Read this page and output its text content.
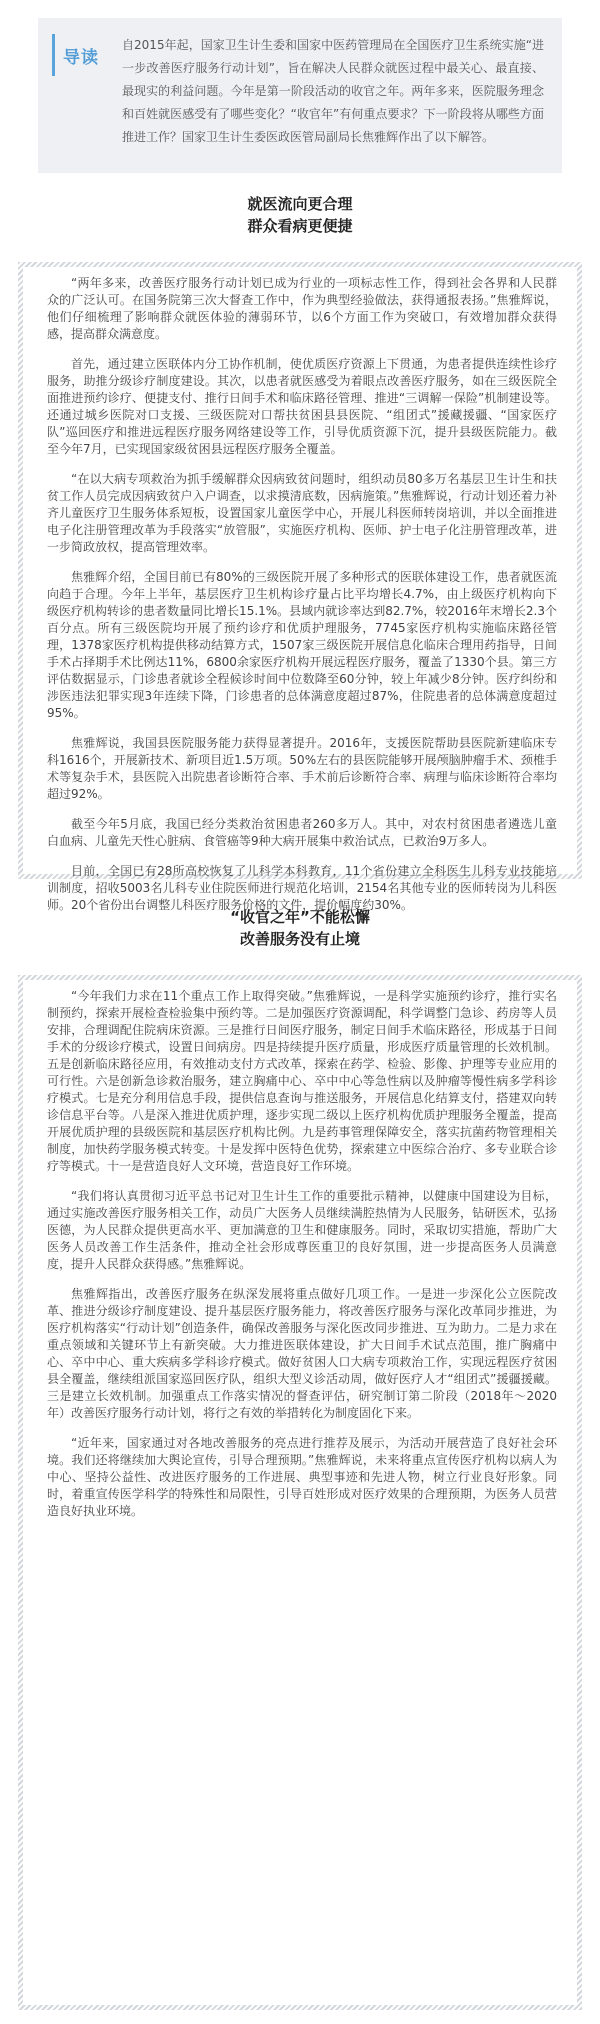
导读

自2015年起，国家卫生计生委和国家中医药管理局在全国医疗卫生系统实施“进一步改善医疗服务行动计划”，旨在解决人民群众就医过程中最关心、最直接、最现实的利益问题。今年是第一阶段活动的收官之年。两年多来，医院服务理念和百姓就医感受有了哪些变化？“收官年”有何重点要求？下一阶段将从哪些方面推进工作？国家卫生计生委医政医管局副局长焦雅辉作出了以下解答。

就医流向更合理
群众看病更便捷

“两年多来，改善医疗服务行动计划已成为行业的一项标志性工作，得到社会各界和人民群众的广泛认可。在国务院第三次大督查工作中，作为典型经验做法，获得通报表扬。”焦雅辉说，他们仔细梳理了影响群众就医体验的薄弱环节，以6个方面工作为突破口，有效增加群众获得感，提高群众满意度。

首先，通过建立医联体内分工协作机制，使优质医疗资源上下贯通，为患者提供连续性诊疗服务，助推分级诊疗制度建设。其次，以患者就医感受为着眼点改善医疗服务，如在三级医院全面推进预约诊疗、便捷支付、推行日间手术和临床路径管理、推进“三调解一保险”机制建设等。还通过城乡医院对口支援、三级医院对口帮扶贫困县县医院、“组团式”援藏援疆、“国家医疗队”巡回医疗和推进远程医疗服务网络建设等工作，引导优质资源下沉，提升县级医院能力。截至今年7月，已实现国家级贫困县远程医疗服务全覆盖。

“在以大病专项救治为抓手缓解群众因病致贫问题时，组织动员80多万名基层卫生计生和扶贫工作人员完成因病致贫户入户调查，以求摸清底数，因病施策。”焦雅辉说，行动计划还着力补齐儿童医疗卫生服务体系短板，设置国家儿童医学中心，开展儿科医师转岗培训，并以全面推进电子化注册管理改革为手段落实“放管服”，实施医疗机构、医师、护士电子化注册管理改革，进一步简政放权，提高管理效率。

焦雅辉介绍，全国目前已有80%的三级医院开展了多种形式的医联体建设工作，患者就医流向趋于合理。今年上半年，基层医疗卫生机构诊疗量占比平均增长4.7%，由上级医疗机构向下级医疗机构转诊的患者数量同比增长15.1%。县域内就诊率达到82.7%，较2016年末增长2.3个百分点。所有三级医院均开展了预约诊疗和优质护理服务，7745家医疗机构实施临床路径管理，1378家医疗机构提供移动结算方式，1507家三级医院开展信息化临床合理用药指导，日间手术占择期手术比例达11%，6800余家医疗机构开展远程医疗服务，覆盖了1330个县。第三方评估数据显示，门诊患者就诊全程候诊时间中位数降至60分钟，较上年减少8分钟。医疗纠纷和涉医违法犯罪实现3年连续下降，门诊患者的总体满意度超过87%，住院患者的总体满意度超过95%。

焦雅辉说，我国县医院服务能力获得显著提升。2016年，支援医院帮助县医院新建临床专科1616个，开展新技术、新项目近1.5万项。50%左右的县医院能够开展颅脑肿瘤手术、颈椎手术等复杂手术，县医院入出院患者诊断符合率、手术前后诊断符合率、病理与临床诊断符合率均超过92%。

截至今年5月底，我国已经分类救治贫困患者260多万人。其中，对农村贫困患者遴选儿童白血病、儿童先天性心脏病、食管癌等9种大病开展集中救治试点，已救治9万多人。

目前，全国已有28所高校恢复了儿科学本科教育，11个省份建立全科医生儿科专业技能培训制度，招收5003名儿科专业住院医师进行规范化培训，2154名其他专业的医师转岗为儿科医师。20个省份出台调整儿科医疗服务价格的文件，提价幅度约30%。

“收官之年”不能松懈
改善服务没有止境

“今年我们力求在11个重点工作上取得突破。”焦雅辉说，一是科学实施预约诊疗，推行实名制预约，探索开展检查检验集中预约等。二是加强医疗资源调配，科学调整门急诊、药房等人员安排，合理调配住院病床资源。三是推行日间医疗服务，制定日间手术临床路径，形成基于日间手术的分级诊疗模式，设置日间病房。四是持续提升医疗质量，形成医疗质量管理的长效机制。五是创新临床路径应用，有效推动支付方式改革，探索在药学、检验、影像、护理等专业应用的可行性。六是创新急诊救治服务，建立胸痛中心、卒中中心等急性病以及肿瘤等慢性病多学科诊疗模式。七是充分利用信息手段，提供信息查询与推送服务，开展信息化结算支付，搭建双向转诊信息平台等。八是深入推进优质护理，逐步实现二级以上医疗机构优质护理服务全覆盖，提高开展优质护理的县级医院和基层医疗机构比例。九是药事管理保障安全，落实抗菌药物管理相关制度，加快药学服务模式转变。十是发挥中医特色优势，探索建立中医综合治疗、多专业联合诊疗等模式。十一是营造良好人文环境，营造良好工作环境。

“我们将认真贯彻习近平总书记对卫生计生工作的重要批示精神，以健康中国建设为目标，通过实施改善医疗服务相关工作，动员广大医务人员继续满腔热情为人民服务，钻研医术，弘扬医德，为人民群众提供更高水平、更加满意的卫生和健康服务。同时，采取切实措施，帮助广大医务人员改善工作生活条件，推动全社会形成尊医重卫的良好氛围，进一步提高医务人员满意度，提升人民群众获得感。”焦雅辉说。

焦雅辉指出，改善医疗服务在纵深发展将重点做好几项工作。一是进一步深化公立医院改革、推进分级诊疗制度建设、提升基层医疗服务能力，将改善医疗服务与深化改革同步推进，为医疗机构落实“行动计划”创造条件，确保改善服务与深化医改同步推进、互为助力。二是力求在重点领域和关键环节上有新突破。大力推进医联体建设，扩大日间手术试点范围，推广胸痛中心、卒中中心、重大疾病多学科诊疗模式。做好贫困人口大病专项救治工作，实现远程医疗贫困县全覆盖，继续组派国家巡回医疗队，组织大型义诊活动周，做好医疗人才“组团式”援疆援藏。三是建立长效机制。加强重点工作落实情况的督查评估，研究制订第二阶段（2018年～2020年）改善医疗服务行动计划，将行之有效的举措转化为制度固化下来。

“近年来，国家通过对各地改善服务的亮点进行推荐及展示，为活动开展营造了良好社会环境。我们还将继续加大舆论宣传，引导合理预期。”焦雅辉说，未来将重点宣传医疗机构以病人为中心、坚持公益性、改进医疗服务的工作进展、典型事迹和先进人物，树立行业良好形象。同时，着重宣传医学科学的特殊性和局限性，引导百姓形成对医疗效果的合理预期，为医务人员营造良好执业环境。
